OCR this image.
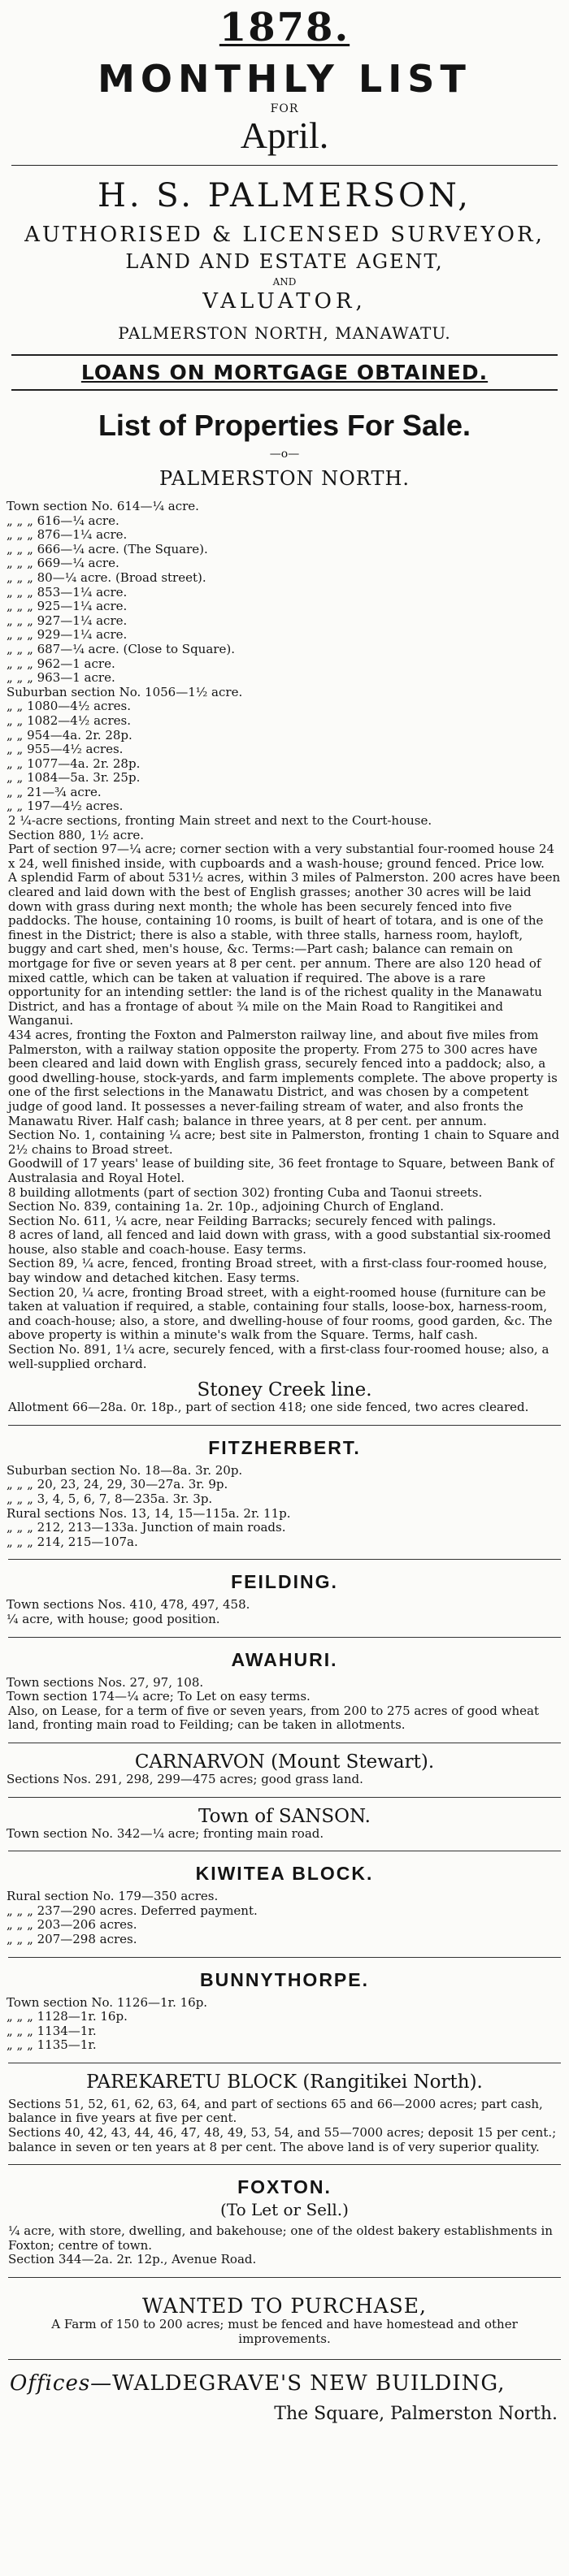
1878.
MONTHLY LIST
FOR
April.
H. S. PALMERSON,
AUTHORISED & LICENSED SURVEYOR,
LAND AND ESTATE AGENT,
AND
VALUATOR,
PALMERSTON NORTH, MANAWATU.
LOANS ON MORTGAGE OBTAINED.
List of Properties For Sale.
—o—
PALMERSTON NORTH.
Town section No. 614—¼ acre.
„ „ „ 616—¼ acre.
„ „ „ 876—1¼ acre.
„ „ „ 666—¼ acre. (The Square).
„ „ „ 669—¼ acre.
„ „ „ 80—¼ acre. (Broad street).
„ „ „ 853—1¼ acre.
„ „ „ 925—1¼ acre.
„ „ „ 927—1¼ acre.
„ „ „ 929—1¼ acre.
„ „ „ 687—¼ acre. (Close to Square).
„ „ „ 962—1 acre.
„ „ „ 963—1 acre.
Suburban section No. 1056—1½ acre.
„ „ 1080—4½ acres.
„ „ 1082—4½ acres.
„ „ 954—4a. 2r. 28p.
„ „ 955—4½ acres.
„ „ 1077—4a. 2r. 28p.
„ „ 1084—5a. 3r. 25p.
„ „ 21—¾ acre.
„ „ 197—4½ acres.
2 ¼-acre sections, fronting Main street and next to the Court-house.
Section 880, 1½ acre.
Part of section 97—¼ acre; corner section with a very substantial four-roomed house 24 x 24, well finished inside, with cupboards and a wash-house; ground fenced. Price low.
A splendid Farm of about 531½ acres, within 3 miles of Palmerston. 200 acres have been cleared and laid down with the best of English grasses; another 30 acres will be laid down with grass during next month; the whole has been securely fenced into five paddocks. The house, containing 10 rooms, is built of heart of totara, and is one of the finest in the District; there is also a stable, with three stalls, harness room, hayloft, buggy and cart shed, men's house, &c. Terms:—Part cash; balance can remain on mortgage for five or seven years at 8 per cent. per annum. There are also 120 head of mixed cattle, which can be taken at valuation if required. The above is a rare opportunity for an intending settler: the land is of the richest quality in the Manawatu District, and has a frontage of about ¾ mile on the Main Road to Rangitikei and Wanganui.
434 acres, fronting the Foxton and Palmerston railway line, and about five miles from Palmerston, with a railway station opposite the property. From 275 to 300 acres have been cleared and laid down with English grass, securely fenced into a paddock; also, a good dwelling-house, stock-yards, and farm implements complete. The above property is one of the first selections in the Manawatu District, and was chosen by a competent judge of good land. It possesses a never-failing stream of water, and also fronts the Manawatu River. Half cash; balance in three years, at 8 per cent. per annum.
Section No. 1, containing ¼ acre; best site in Palmerston, fronting 1 chain to Square and 2½ chains to Broad street.
Goodwill of 17 years' lease of building site, 36 feet frontage to Square, between Bank of Australasia and Royal Hotel.
8 building allotments (part of section 302) fronting Cuba and Taonui streets.
Section No. 839, containing 1a. 2r. 10p., adjoining Church of England.
Section No. 611, ¼ acre, near Feilding Barracks; securely fenced with palings.
8 acres of land, all fenced and laid down with grass, with a good substantial six-roomed house, also stable and coach-house. Easy terms.
Section 89, ¼ acre, fenced, fronting Broad street, with a first-class four-roomed house, bay window and detached kitchen. Easy terms.
Section 20, ¼ acre, fronting Broad street, with a eight-roomed house (furniture can be taken at valuation if required, a stable, containing four stalls, loose-box, harness-room, and coach-house; also, a store, and dwelling-house of four rooms, good garden, &c. The above property is within a minute's walk from the Square. Terms, half cash.
Section No. 891, 1¼ acre, securely fenced, with a first-class four-roomed house; also, a well-supplied orchard.
Stoney Creek line.
Allotment 66—28a. 0r. 18p., part of section 418; one side fenced, two acres cleared.
FITZHERBERT.
Suburban section No. 18—8a. 3r. 20p.
„ „ „ 20, 23, 24, 29, 30—27a. 3r. 9p.
„ „ „ 3, 4, 5, 6, 7, 8—235a. 3r. 3p.
Rural sections Nos. 13, 14, 15—115a. 2r. 11p.
„ „ „ 212, 213—133a. Junction of main roads.
„ „ „ 214, 215—107a.
FEILDING.
Town sections Nos. 410, 478, 497, 458.
¼ acre, with house; good position.
AWAHURI.
Town sections Nos. 27, 97, 108.
Town section 174—¼ acre; To Let on easy terms.
Also, on Lease, for a term of five or seven years, from 200 to 275 acres of good wheat land, fronting main road to Feilding; can be taken in allotments.
CARNARVON (Mount Stewart).
Sections Nos. 291, 298, 299—475 acres; good grass land.
Town of SANSON.
Town section No. 342—¼ acre; fronting main road.
KIWITEA BLOCK.
Rural section No. 179—350 acres.
„ „ „ 237—290 acres. Deferred payment.
„ „ „ 203—206 acres.
„ „ „ 207—298 acres.
BUNNYTHORPE.
Town section No. 1126—1r. 16p.
„ „ „ 1128—1r. 16p.
„ „ „ 1134—1r.
„ „ „ 1135—1r.
PAREKARETU BLOCK (Rangitikei North).
Sections 51, 52, 61, 62, 63, 64, and part of sections 65 and 66—2000 acres; part cash, balance in five years at five per cent.
Sections 40, 42, 43, 44, 46, 47, 48, 49, 53, 54, and 55—7000 acres; deposit 15 per cent.; balance in seven or ten years at 8 per cent. The above land is of very superior quality.
FOXTON.
(To Let or Sell.)
¼ acre, with store, dwelling, and bakehouse; one of the oldest bakery establishments in Foxton; centre of town.
Section 344—2a. 2r. 12p., Avenue Road.
WANTED TO PURCHASE,
A Farm of 150 to 200 acres; must be fenced and have homestead and other improvements.
Offices—WALDEGRAVE'S NEW BUILDING,
The Square, Palmerston North.
